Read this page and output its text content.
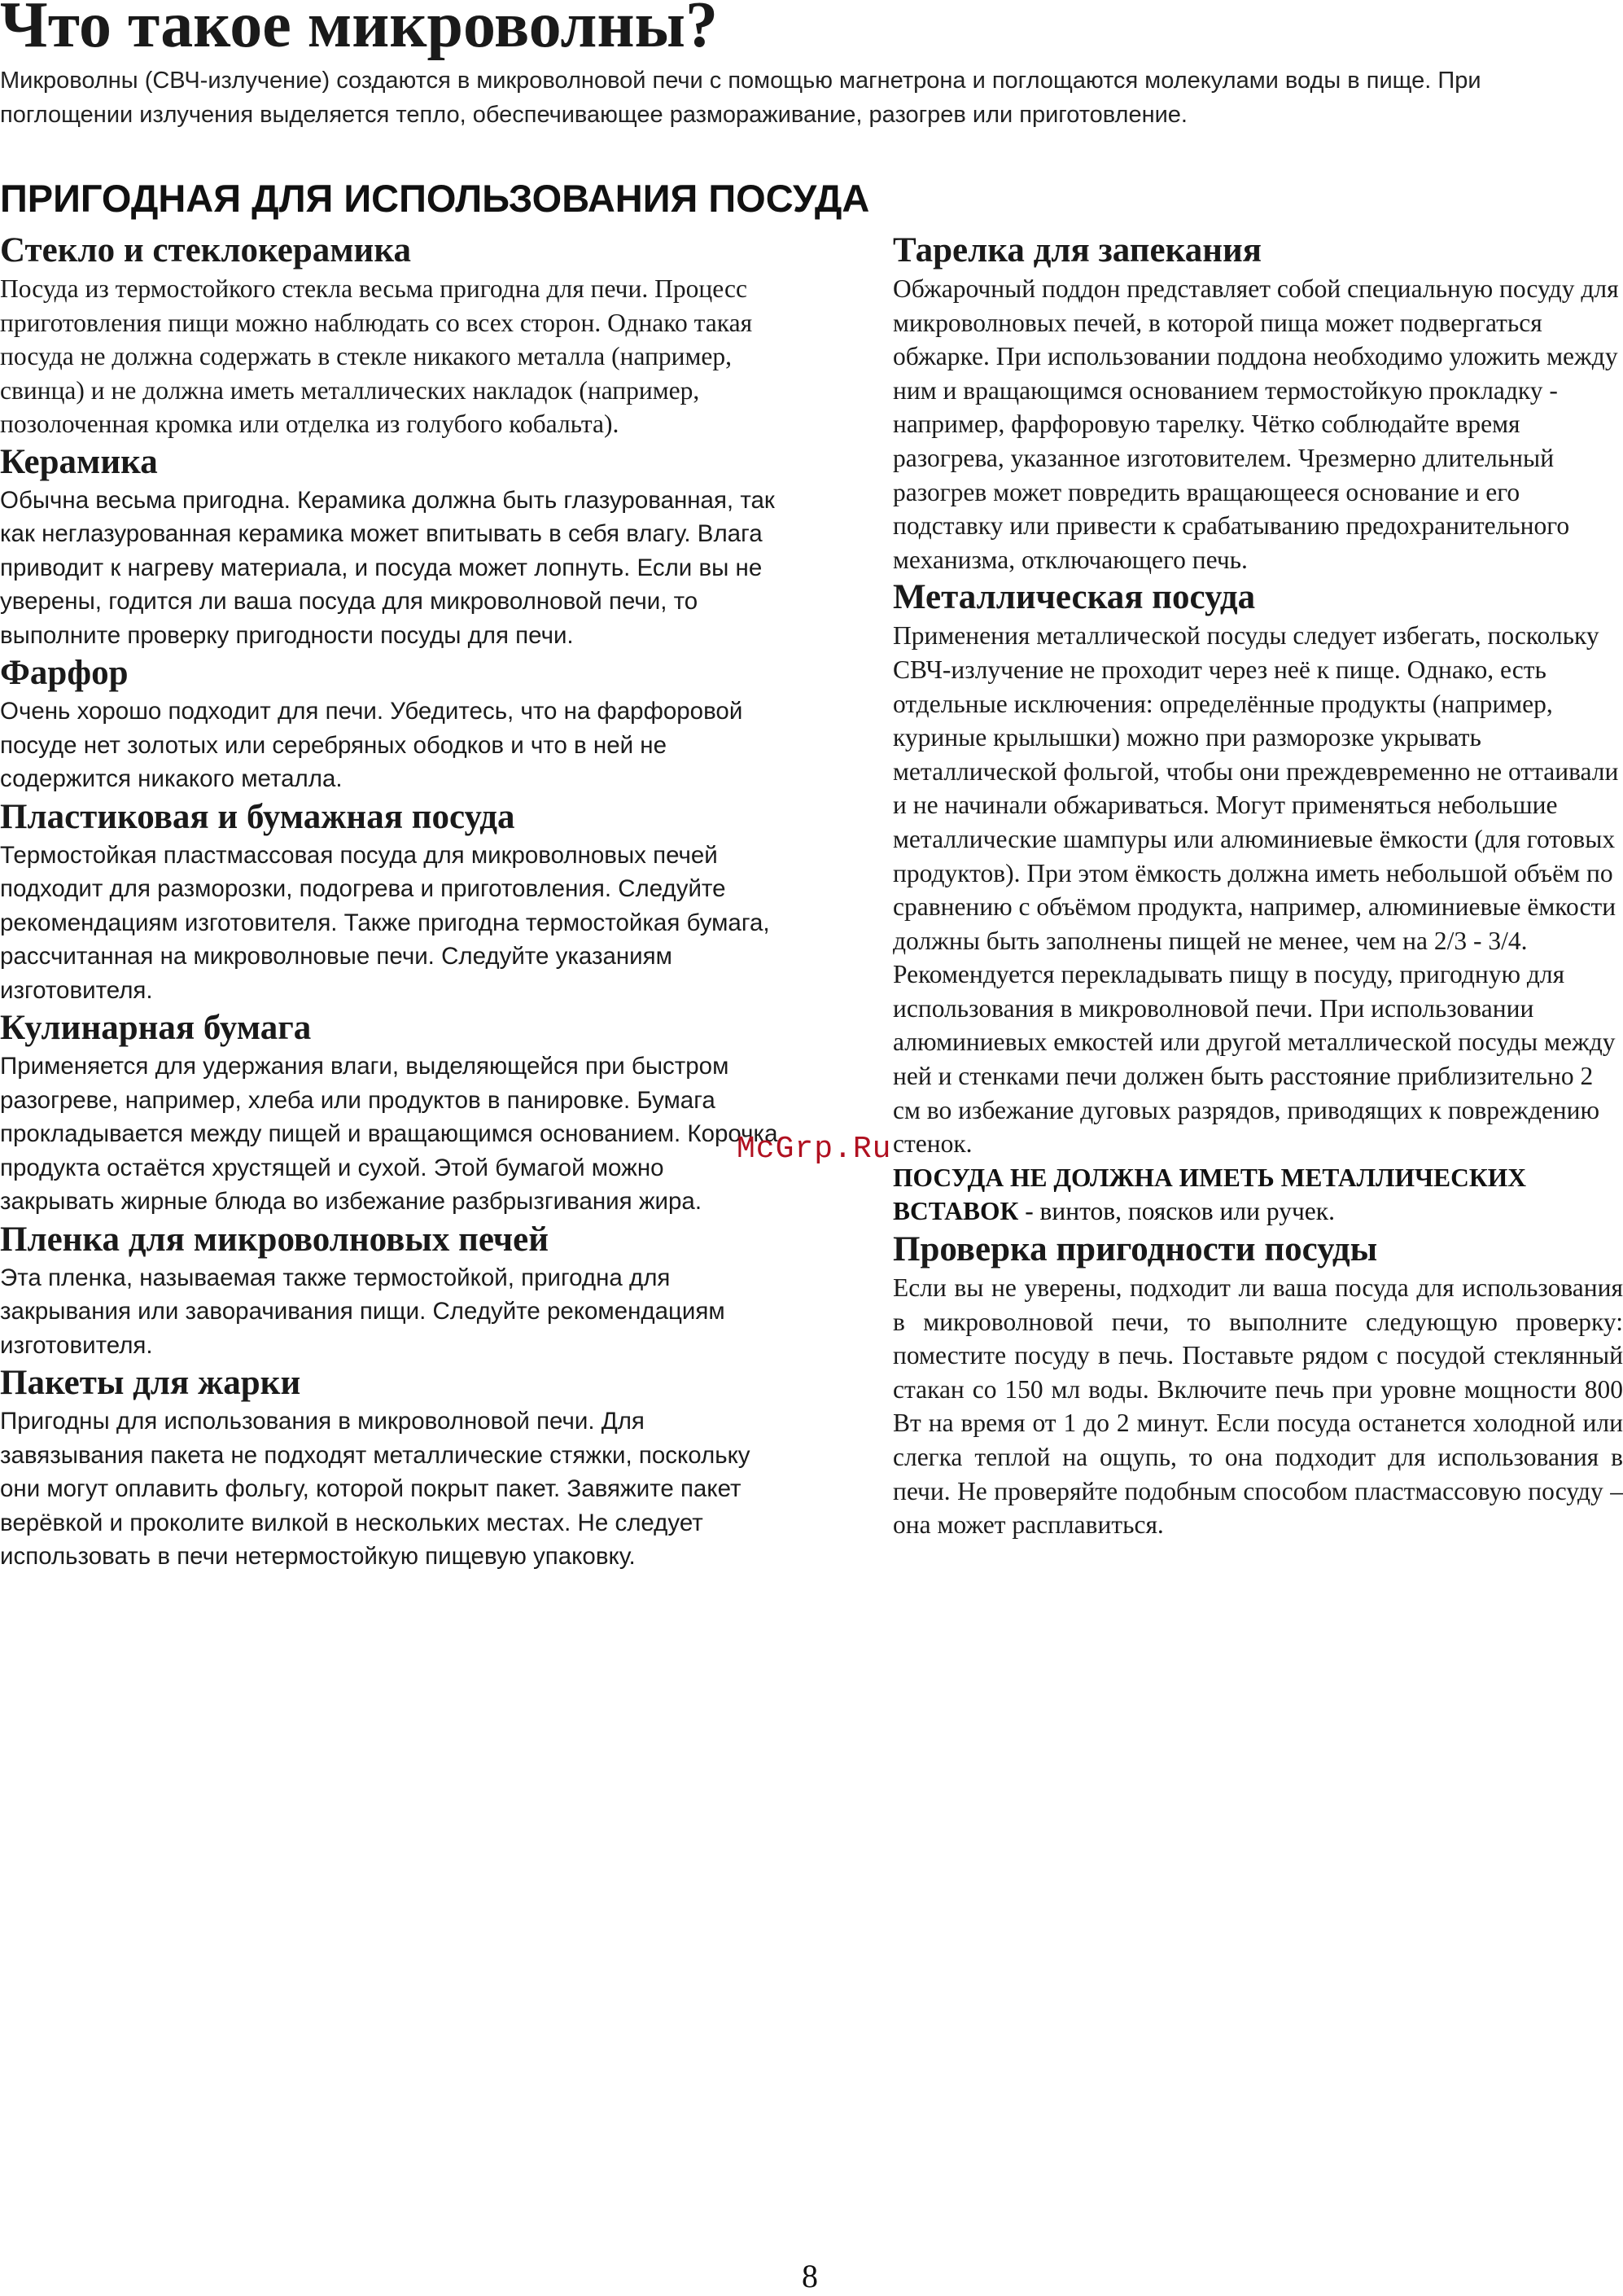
Что такое микроволны?

Микроволны (СВЧ-излучение) создаются в микроволновой печи с помощью магнетрона и поглощаются молекулами воды в пище. При поглощении излучения выделяется тепло, обеспечивающее размораживание, разогрев или приготовление.

ПРИГОДНАЯ ДЛЯ ИСПОЛЬЗОВАНИЯ ПОСУДА
Стекло и стеклокерамика

Посуда из термостойкого стекла весьма пригодна для печи. Процесс приготовления пищи можно наблюдать со всех сторон. Однако такая посуда не должна содержать в стекле никакого металла (например, свинца) и не должна иметь металлических накладок (например, позолоченная кромка или отделка из голубого кобальта).

Керамика

Обычна весьма пригодна. Керамика должна быть глазурованная, так как неглазурованная керамика может впитывать в себя влагу. Влага приводит к нагреву материала, и посуда может лопнуть. Если вы не уверены, годится ли ваша посуда для микроволновой печи, то выполните проверку пригодности посуды для печи.

Фарфор

Очень хорошо подходит для печи. Убедитесь, что на фарфоровой посуде нет золотых или серебряных ободков и что в ней не содержится никакого металла.

Пластиковая и бумажная посуда

Термостойкая пластмассовая посуда для микроволновых печей подходит для разморозки, подогрева и приготовления. Следуйте рекомендациям изготовителя. Также пригодна термостойкая бумага, рассчитанная на микроволновые печи. Следуйте указаниям изготовителя.

Кулинарная бумага

Применяется для удержания влаги, выделяющейся при быстром разогреве, например, хлеба или продуктов в панировке. Бумага прокладывается между пищей и вращающимся основанием. Корочка продукта остаётся хрустящей и сухой. Этой бумагой можно закрывать жирные блюда во избежание разбрызгивания жира.

Пленка для микроволновых печей

Эта пленка, называемая также термостойкой, пригодна для закрывания или заворачивания пищи. Следуйте рекомендациям изготовителя.

Пакеты для жарки

Пригодны для использования в микроволновой печи. Для завязывания пакета не подходят металлические стяжки, поскольку они могут оплавить фольгу, которой покрыт пакет. Завяжите пакет верёвкой и проколите вилкой в нескольких местах. Не следует использовать в печи нетермостойкую пищевую упаковку.

Тарелка для запекания

Обжарочный поддон представляет собой специальную посуду для микроволновых печей, в которой пища может подвергаться обжарке. При использовании поддона необходимо уложить между ним и вращающимся основанием термостойкую прокладку - например, фарфоровую тарелку. Чётко соблюдайте время разогрева, указанное изготовителем. Чрезмерно длительный разогрев может повредить вращающееся основание и его подставку или привести к срабатыванию предохранительного механизма, отключающего печь.

Металлическая посуда

Применения металлической посуды следует избегать, поскольку СВЧ-излучение не проходит через неё к пище. Однако, есть отдельные исключения: определённые продукты (например, куриные крылышки) можно при разморозке укрывать металлической фольгой, чтобы они преждевременно не оттаивали и не начинали обжариваться. Могут применяться небольшие металлические шампуры или алюминиевые ёмкости (для готовых продуктов). При этом ёмкость должна иметь небольшой объём по сравнению с объёмом продукта, например, алюминиевые ёмкости должны быть заполнены пищей не менее, чем на 2/3 - 3/4. Рекомендуется перекладывать пищу в посуду, пригодную для использования в микроволновой печи. При использовании алюминиевых емкостей или другой металлической посуды между ней и стенками печи должен быть расстояние приблизительно 2 см во избежание дуговых разрядов, приводящих к повреждению стенок.

ПОСУДА НЕ ДОЛЖНА ИМЕТЬ МЕТАЛЛИЧЕСКИХ ВСТАВОК - винтов, поясков или ручек.

Проверка пригодности посуды

Если вы не уверены, подходит ли ваша посуда для использования в микроволновой печи, то выполните следующую проверку: поместите посуду в печь. Поставьте рядом с посудой стеклянный стакан со 150 мл воды. Включите печь при уровне мощности 800 Вт на время от 1 до 2 минут. Если посуда останется холодной или слегка теплой на ощупь, то она подходит для использования в печи. Не проверяйте подобным способом пластмассовую посуду – она может расплавиться.

McGrp.Ru
8
